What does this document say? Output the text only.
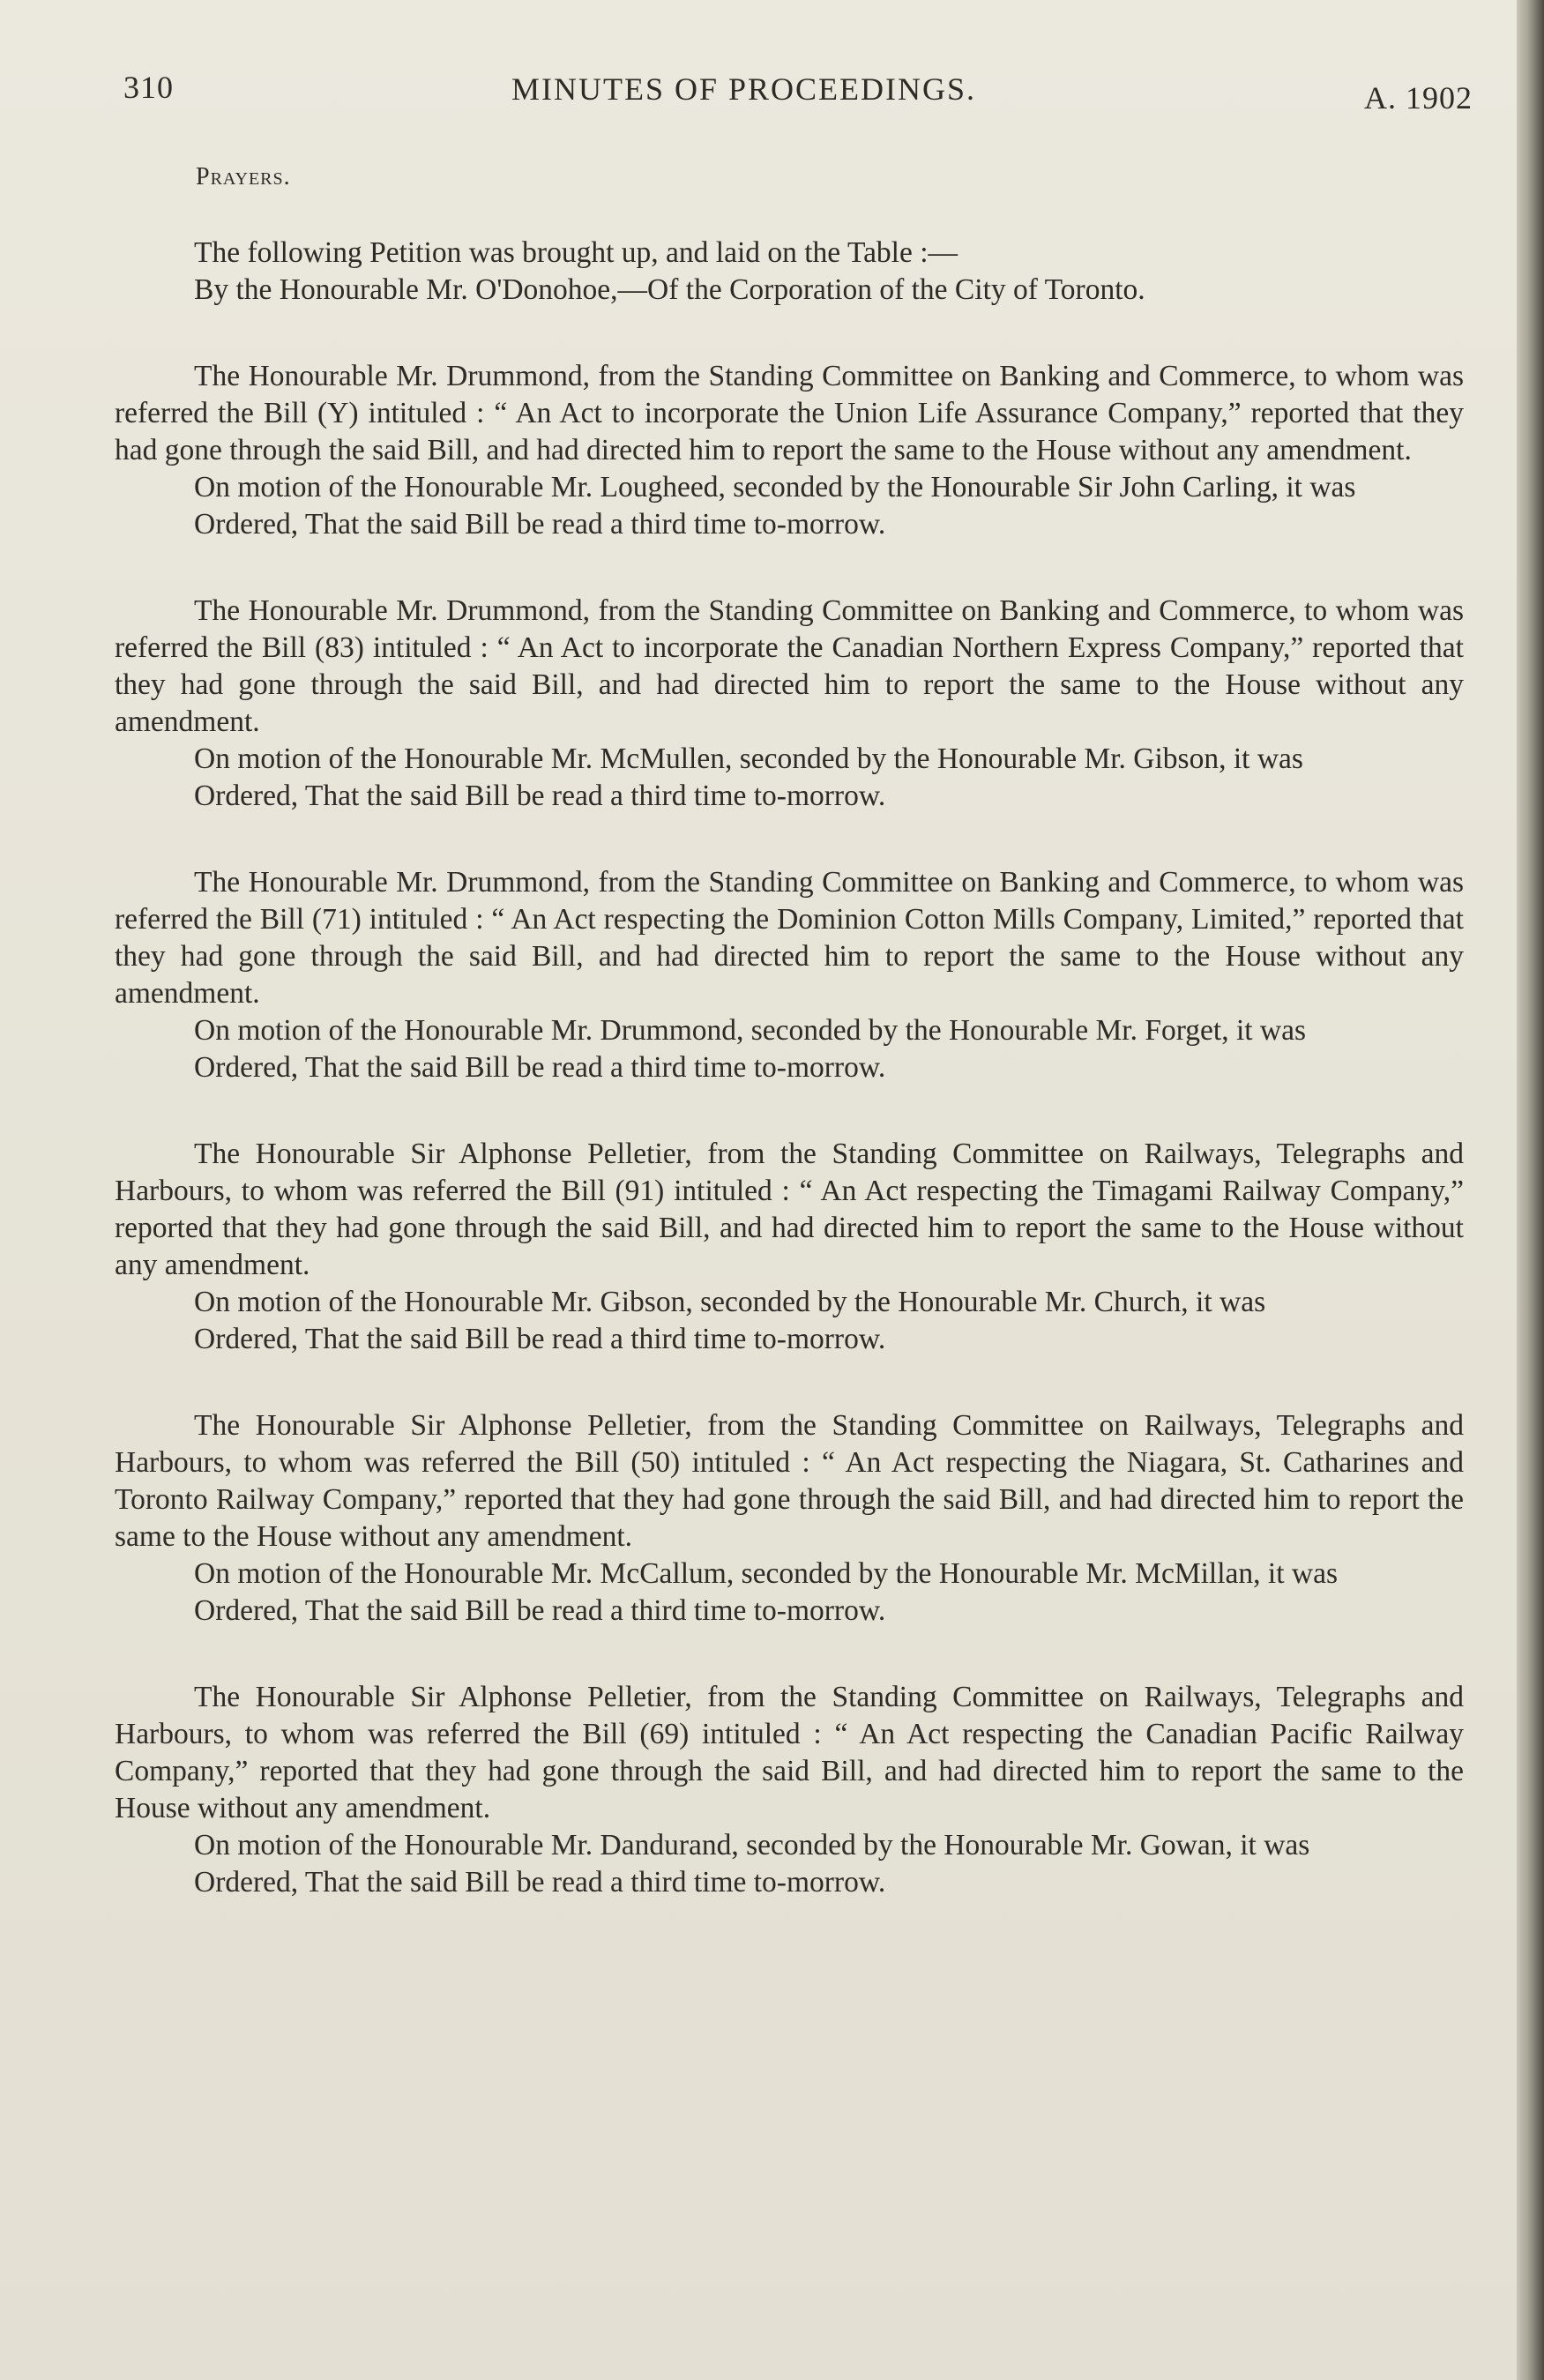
310	MINUTES OF PROCEEDINGS.	A. 1902

Prayers.

The following Petition was brought up, and laid on the Table :—

By the Honourable Mr. O'Donohoe,—Of the Corporation of the City of Toronto.

The Honourable Mr. Drummond, from the Standing Committee on Banking and Commerce, to whom was referred the Bill (Y) intituled : “ An Act to incorporate the Union Life Assurance Company,” reported that they had gone through the said Bill, and had directed him to report the same to the House without any amendment.

On motion of the Honourable Mr. Lougheed, seconded by the Honourable Sir John Carling, it was

Ordered, That the said Bill be read a third time to-morrow.

The Honourable Mr. Drummond, from the Standing Committee on Banking and Commerce, to whom was referred the Bill (83) intituled : “ An Act to incorporate the Canadian Northern Express Company,” reported that they had gone through the said Bill, and had directed him to report the same to the House without any amendment.

On motion of the Honourable Mr. McMullen, seconded by the Honourable Mr. Gibson, it was

Ordered, That the said Bill be read a third time to-morrow.

The Honourable Mr. Drummond, from the Standing Committee on Banking and Commerce, to whom was referred the Bill (71) intituled : “ An Act respecting the Dominion Cotton Mills Company, Limited,” reported that they had gone through the said Bill, and had directed him to report the same to the House without any amendment.

On motion of the Honourable Mr. Drummond, seconded by the Honourable Mr. Forget, it was

Ordered, That the said Bill be read a third time to-morrow.

The Honourable Sir Alphonse Pelletier, from the Standing Committee on Railways, Telegraphs and Harbours, to whom was referred the Bill (91) intituled : “ An Act respecting the Timagami Railway Company,” reported that they had gone through the said Bill, and had directed him to report the same to the House without any amendment.

On motion of the Honourable Mr. Gibson, seconded by the Honourable Mr. Church, it was

Ordered, That the said Bill be read a third time to-morrow.

The Honourable Sir Alphonse Pelletier, from the Standing Committee on Railways, Telegraphs and Harbours, to whom was referred the Bill (50) intituled : “ An Act respecting the Niagara, St. Catharines and Toronto Railway Company,” reported that they had gone through the said Bill, and had directed him to report the same to the House without any amendment.

On motion of the Honourable Mr. McCallum, seconded by the Honourable Mr. McMillan, it was

Ordered, That the said Bill be read a third time to-morrow.

The Honourable Sir Alphonse Pelletier, from the Standing Committee on Railways, Telegraphs and Harbours, to whom was referred the Bill (69) intituled : “ An Act respecting the Canadian Pacific Railway Company,” reported that they had gone through the said Bill, and had directed him to report the same to the House without any amendment.

On motion of the Honourable Mr. Dandurand, seconded by the Honourable Mr. Gowan, it was

Ordered, That the said Bill be read a third time to-morrow.
